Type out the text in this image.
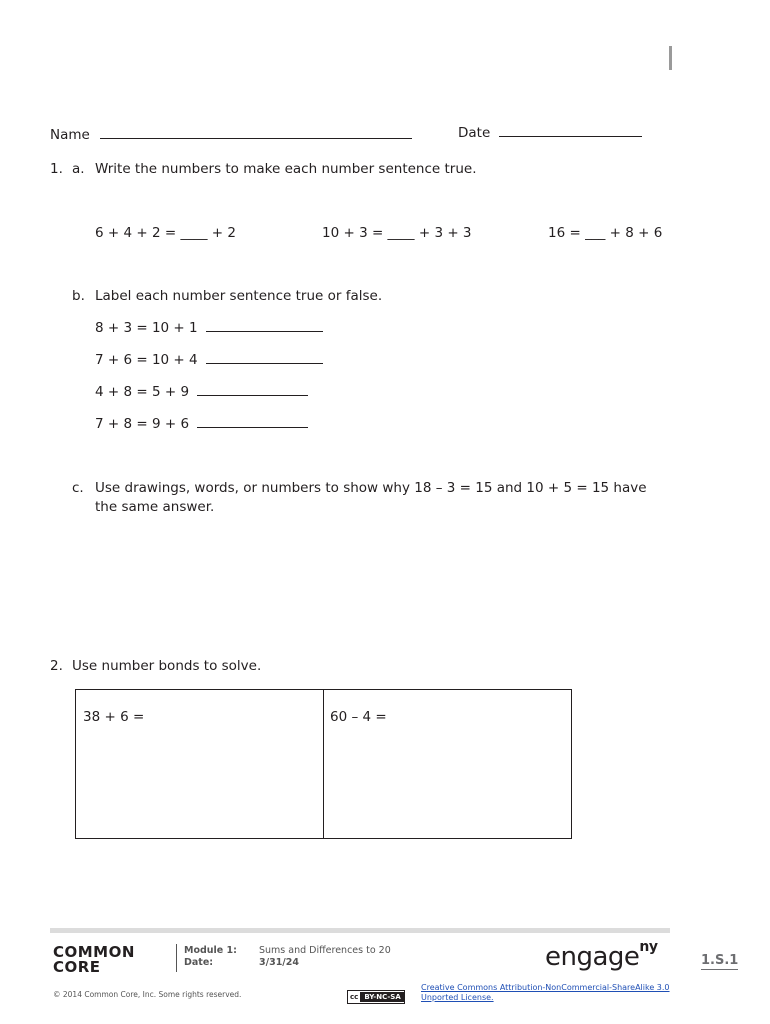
Name	Date
1. a. Write the numbers to make each number sentence true.
6 + 4 + 2 = ____ + 2	10 + 3 = ____ + 3 + 3	16 = ___ + 8 + 6
b. Label each number sentence true or false.
8 + 3 = 10 + 1
7 + 6 = 10 + 4
4 + 8 = 5 + 9
7 + 8 = 9 + 6
c. Use drawings, words, or numbers to show why 18 – 3 = 15 and 10 + 5 = 15 have
the same answer.
2. Use number bonds to solve.
38 + 6 =	60 – 4 =
COMMON
CORE
Module 1: Sums and Differences to 20
Date:	3/31/24	engage$^{ny}$
1.S.1
© 2014 Common Core, Inc. Some rights reserved.	cc BY-NC-SA
Creative Commons Attribution-NonCommercial-ShareAlike 3.0
Unported License.
